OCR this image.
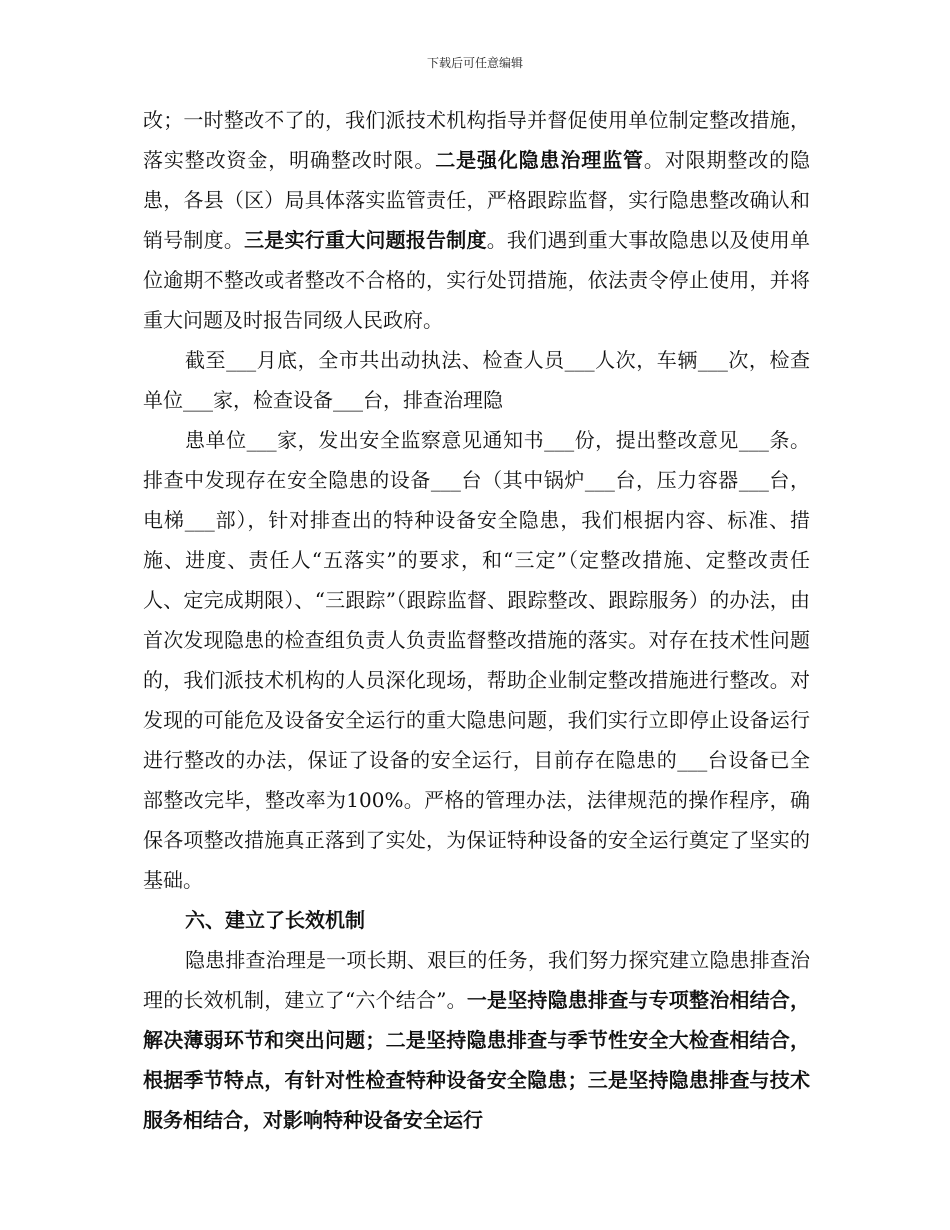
下载后可任意编辑

改；一时整改不了的，我们派技术机构指导并督促使用单位制定整改措施，落实整改资金，明确整改时限。二是强化隐患治理监管。对限期整改的隐患，各县（区）局具体落实监管责任，严格跟踪监督，实行隐患整改确认和销号制度。三是实行重大问题报告制度。我们遇到重大事故隐患以及使用单位逾期不整改或者整改不合格的，实行处罚措施，依法责令停止使用，并将重大问题及时报告同级人民政府。

截至___月底，全市共出动执法、检查人员___人次，车辆___次，检查单位___家，检查设备___台，排查治理隐

患单位___家，发出安全监察意见通知书___份，提出整改意见___条。排查中发现存在安全隐患的设备___台（其中锅炉___台，压力容器___台，电梯___部），针对排查出的特种设备安全隐患，我们根据内容、标准、措施、进度、责任人“五落实”的要求，和“三定”（定整改措施、定整改责任人、定完成期限）、“三跟踪”（跟踪监督、跟踪整改、跟踪服务）的办法，由首次发现隐患的检查组负责人负责监督整改措施的落实。对存在技术性问题的，我们派技术机构的人员深化现场，帮助企业制定整改措施进行整改。对发现的可能危及设备安全运行的重大隐患问题，我们实行立即停止设备运行进行整改的办法，保证了设备的安全运行，目前存在隐患的___台设备已全部整改完毕，整改率为100%。严格的管理办法，法律规范的操作程序，确保各项整改措施真正落到了实处，为保证特种设备的安全运行奠定了坚实的基础。

六、建立了长效机制

隐患排查治理是一项长期、艰巨的任务，我们努力探究建立隐患排查治理的长效机制，建立了“六个结合”。一是坚持隐患排查与专项整治相结合，解决薄弱环节和突出问题；二是坚持隐患排查与季节性安全大检查相结合，根据季节特点，有针对性检查特种设备安全隐患；三是坚持隐患排查与技术服务相结合，对影响特种设备安全运行
